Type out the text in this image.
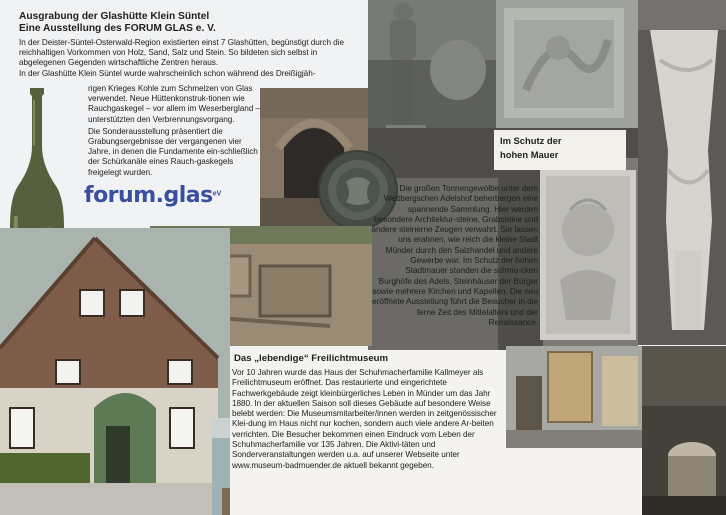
Im Schutz der
hohen Mauer
Ausgrabung der Glashütte Klein Süntel
Eine Ausstellung des FORUM GLAS e. V.
In der Deister-Süntel-Osterwald-Region existierten einst 7 Glashütten, begünstigt durch die reichhaltigen Vorkommen von Holz, Sand, Salz und Stein. So bildeten sich selbst in abgelegenen Gegenden wirtschaftliche Zentren heraus.
In der Glashütte Klein Süntel wurde wahrscheinlich schon während des Dreißigjäh-
rigen Krieges Kohle zum Schmelzen von Glas verwendet. Neue Hüttenkonstruk-tionen wie Rauchgaskegel – vor allem im Weserbergland – unterstützten den Verbrennungsvorgang.
Die Sonderausstellung präsentiert die Grabungsergebnisse der vergangenen vier Jahre, in denen die Fundamente ein-schließlich der Schürkanäle eines Rauch-gaskegels freigelegt wurden.
forum.glas$^{eV}$
Die großen Tonnengewölbe unter dem Wettbergschen Adelshof beherbergen eine spannende Sammlung. Hier werden besondere Architektur-steine, Grabsteine und andere steinerne Zeugen verwahrt. Sie lassen uns erahnen, wie reich die kleine Stadt Münder durch den Salzhandel und andere Gewerbe war. Im Schutz der hohen Stadtmauer standen die schmu-cken Burghöfe des Adels, Steinhäuser der Bürger sowie mehrere Kirchen und Kapellen. Die neu eröffnete Ausstellung führt die Besucher in die ferne Zeit des Mittelalters und der Renaissance.
Das „lebendige“ Freilichtmuseum
Vor 10 Jahren wurde das Haus der Schuhmacherfamilie Kallmeyer als Freilichtmuseum eröffnet. Das restaurierte und eingerichtete Fachwerkgebäude zeigt kleinbürgerliches Leben in Münder um das Jahr 1880. In der aktuellen Saison soll dieses Gebäude auf besondere Weise belebt werden: Die Museumsmitarbeiter/innen werden in zeitgenössischer Klei-dung im Haus nicht nur kochen, sondern auch viele andere Ar-beiten verrichten. Die Besucher bekommen einen Eindruck vom Leben der Schuhmacherfamilie vor 135 Jahren. Die Aktivi-täten und Sonderveranstaltungen werden u.a. auf unserer Webseite unter www.museum-badmuender.de aktuell bekannt gegeben.
